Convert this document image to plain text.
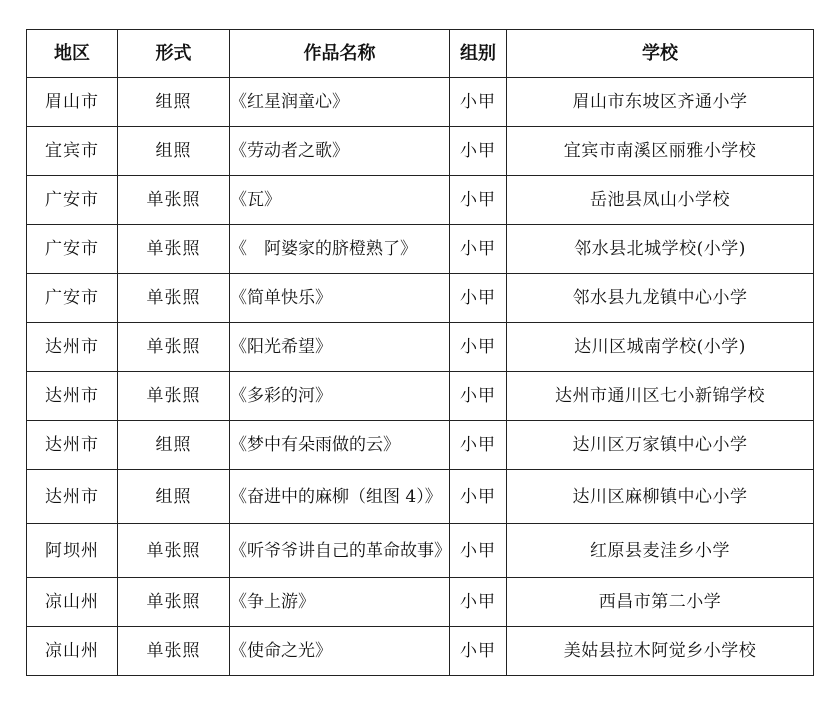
地区	形式	作品名称	组别	学校
眉山市	组照	《红星润童心》	小甲	眉山市东坡区齐通小学
宜宾市	组照	《劳动者之歌》	小甲	宜宾市南溪区丽雅小学校
广安市	单张照	《瓦》	小甲	岳池县凤山小学校
广安市	单张照	《　阿婆家的脐橙熟了》	小甲	邻水县北城学校(小学)
广安市	单张照	《简单快乐》	小甲	邻水县九龙镇中心小学
达州市	单张照	《阳光希望》	小甲	达川区城南学校(小学)
达州市	单张照	《多彩的河》	小甲	达州市通川区七小新锦学校
达州市	组照	《梦中有朵雨做的云》	小甲	达川区万家镇中心小学
达州市	组照	《奋进中的麻柳（组图 4）》	小甲	达川区麻柳镇中心小学
阿坝州	单张照	《听爷爷讲自己的革命故事》	小甲	红原县麦洼乡小学
凉山州	单张照	《争上游》	小甲	西昌市第二小学
凉山州	单张照	《使命之光》	小甲	美姑县拉木阿觉乡小学校
